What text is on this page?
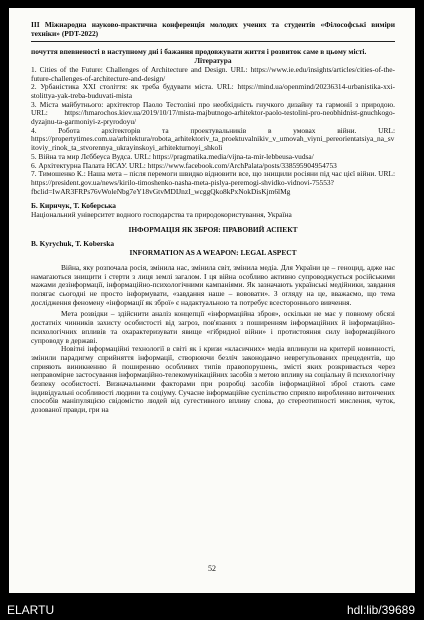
III Міжнародна науково-практична конференція молодих учених та студентів «Філософські виміри техніки» (PDT-2022)

почуття впевненості в наступному дні і бажання продовжувати життя і розвиток саме в цьому місті.

Література

1. Cities of the Future: Challenges of Architecture and Design. URL: https://www.ie.edu/insights/articles/cities-of-the-future-challenges-of-architecture-and-design/

2. Урбаністика XXI століття: як треба будувати міста. URL: https://mind.ua/openmind/20236314-urbanistika-xxi-stolittya-yak-treba-buduvati-mista

3. Міста майбутнього: архітектор Паоло Тестоліні про необхідність гнучкого дизайну та гармонії з природою. URL: https://hmarochos.kiev.ua/2019/10/17/mista-majbutnogo-arhitektor-paolo-testolini-pro-neobhidnist-gnuchkogo-dyzajnu-ta-garmoniyi-z-pryrodoyu/

4. Робота архітекторів та проектувальників в умовах війни. URL: https://propertytimes.com.ua/arhitektura/robota_arhitektoriv_ta_proektuvalnikiv_v_umovah_viyni_pereorientatsiya_na_svitoviy_rinok_ta_stvorennya_ukrayinskoyi_arhitekturnoyi_shkoli

5. Війна та мир Лєббеуса Вудса. URL: https://pragmatika.media/vijna-ta-mir-lebbeusa-vudsa/

6. Архітектурна Палата НСАУ. URL: https://www.facebook.com/ArchPalata/posts/338595904954753

7. Тимошенко К.: Наша мета – після перемоги швидко відновити все, що знищили росіяни під час цієї війни. URL: https://president.gov.ua/news/kirilo-timoshenko-nasha-meta-pislya-peremogi-shvidko-vidnovi-75553?fbclid=IwAR3FRPs76vWoleNbg7eY18vGtvMDIJnzI_wcggQko8kPxNokDisKjm6lMg

Б. Кирнчук, Т. Коберська

Національний університет водного господарства та природокористування, Україна

ІНФОРМАЦІЯ ЯК ЗБРОЯ: ПРАВОВИЙ АСПЕКТ

B. Kyrychuk, T. Koberska

INFORMATION AS A WEAPON: LEGAL ASPECT

Війна, яку розпочала росія, змінила нас, змінила світ, змінила медіа. Для України це – геноцид, адже нас намагаються знищити і стерти з лиця землі загалом. І ця війна особливо активно супроводжується російськими мажами дезінформації, інформаційно-психологічними кампаніями. Як зазначають українські медійники, завдання полягає сьогодні не просто інформувати, «завдання наше – вововати». З огляду на це, вважаємо, що тема дослідження феномену «інформації як зброї» є надактуальною та потребує всестороннього вивчення.

Мета розвідки – здійснити аналіз концепції «інформаційна зброя», оскільки не має у повному обсязі достатніх чинників захисту особистості від загроз, пов'язаних з поширенням інформаційних й інформаційно-психологічних впливів та охарактеризувати явище «гібридної війни» і протистояння силу інформаційного супроводу в державі.

Новітні інформаційні технології в світі як і кризи «класичних» медіа вплинули на критерії новинності, змінили парадигму сприйняття інформації, створюючи безліч законодавчо неврегульованих прецедентів, що сприяють виникненню й поширенню особливих типів правопорушень, змісті яких розкривається через неправомірне застосування інформаційно-телекомунікаційних засобів з метою впливу на соціальну й психологічну безпеку особистості. Визначальними факторами при розробці засобів інформаційної зброї стають саме індивідуальні особливості людини та соціуму. Сучасне інформаційне суспільство сприяло виробленню витончених способів маніпуляцією свідомістю людей від сугестивного впливу слова, до стереотипності мислення, чуток, дозованої правди, гри на

52
ELARTU	hdl:lib/39689
